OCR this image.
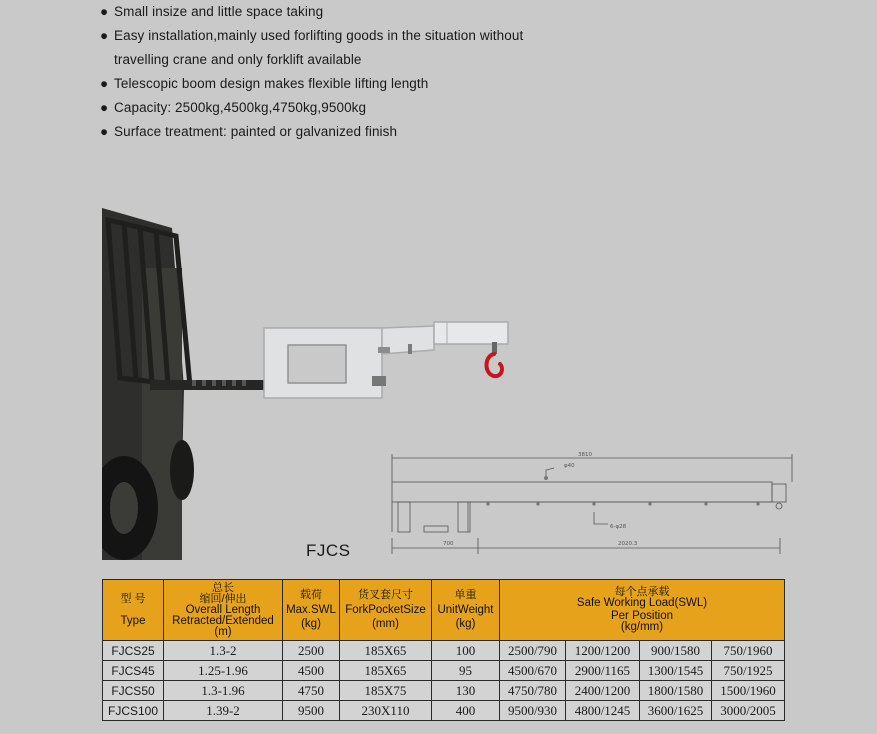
● Small insize and little space taking
● Easy installation,mainly used forlifting goods in the situation without
travelling crane and only forklift available
● Telescopic boom design makes flexible lifting length
● Capacity: 2500kg,4500kg,4750kg,9500kg
● Surface treatment: painted or galvanized finish
3810
φ40
6-φ28
700	2020.3
FJCS
型 号

Type	总长
缩回/伸出
Overall Length
Retracted/Extended
(m)	载荷
Max.SWL
(kg)	货叉套尺寸
ForkPocketSize
(mm)	单重
UnitWeight
(kg)	每个点承载
Safe Working Load(SWL)
Per Position
(kg/mm)			

FJCS25	1.3-2	2500	185X65	100	2500/790	1200/1200	900/1580	750/1960
FJCS45	1.25-1.96	4500	185X65	95	4500/670	2900/1165	1300/1545	750/1925
FJCS50	1.3-1.96	4750	185X75	130	4750/780	2400/1200	1800/1580	1500/1960
FJCS100	1.39-2	9500	230X110	400	9500/930	4800/1245	3600/1625	3000/2005
